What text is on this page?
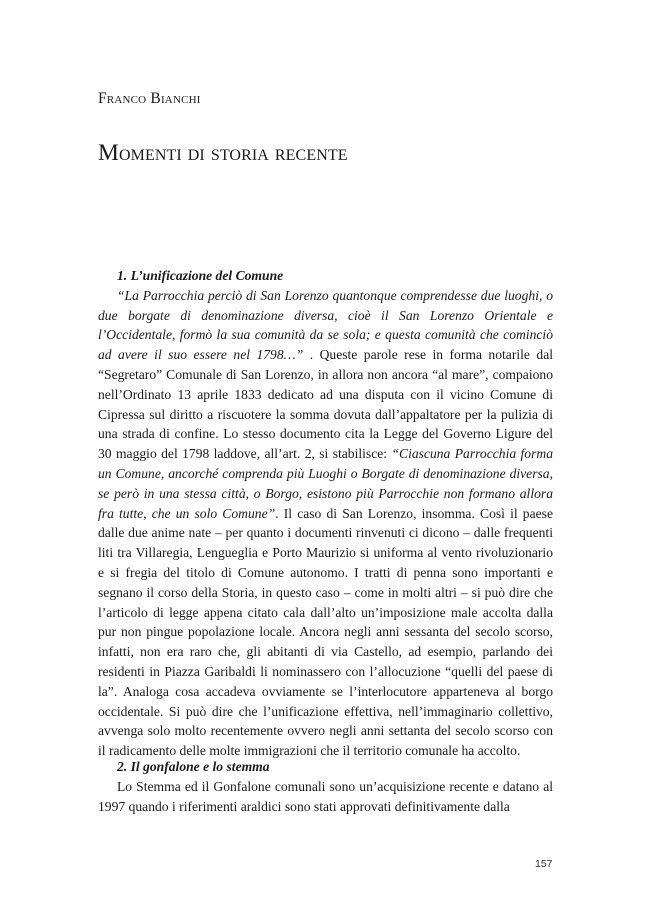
Franco Bianchi
Momenti di storia recente
1. L’unificazione del Comune

“La Parrocchia perciò di San Lorenzo quantonque comprendesse due luoghi, o due borgate di denominazione diversa, cioè il San Lorenzo Orientale e l’Occidentale, formò la sua comunità da se sola; e questa comunità che cominciò ad avere il suo essere nel 1798…” . Queste parole rese in forma notarile dal “Segretaro” Comunale di San Lorenzo, in allora non ancora “al mare”, compaiono nell’Ordinato 13 aprile 1833 dedicato ad una disputa con il vicino Comune di Cipressa sul diritto a riscuotere la somma dovuta dall’appaltatore per la pulizia di una strada di confine. Lo stesso documento cita la Legge del Governo Ligure del 30 maggio del 1798 laddove, all’art. 2, si stabilisce: “Ciascuna Parrocchia forma un Comune, ancorché comprenda più Luoghi o Borgate di denominazione diversa, se però in una stessa città, o Borgo, esistono più Parrocchie non formano allora fra tutte, che un solo Comune”. Il caso di San Lorenzo, insomma. Così il paese dalle due anime nate – per quanto i documenti rinvenuti ci dicono – dalle frequenti liti tra Villaregia, Lengueglia e Porto Maurizio si uniforma al vento rivoluzionario e si fregia del titolo di Comune autonomo. I tratti di penna sono importanti e segnano il corso della Storia, in questo caso – come in molti altri – si può dire che l’articolo di legge appena citato cala dall’alto un’imposizione male accolta dalla pur non pingue popolazione locale. Ancora negli anni sessanta del secolo scorso, infatti, non era raro che, gli abitanti di via Castello, ad esempio, parlando dei residenti in Piazza Garibaldi li nominassero con l’allocuzione “quelli del paese di la”. Analoga cosa accadeva ovviamente se l’interlocutore apparteneva al borgo occidentale. Si può dire che l’unificazione effettiva, nell’immaginario collettivo, avvenga solo molto recentemente ovvero negli anni settanta del secolo scorso con il radicamento delle molte immigrazioni che il territorio comunale ha accolto.

2. Il gonfalone e lo stemma

Lo Stemma ed il Gonfalone comunali sono un’acquisizione recente e datano al 1997 quando i riferimenti araldici sono stati approvati definitivamente dalla

157
